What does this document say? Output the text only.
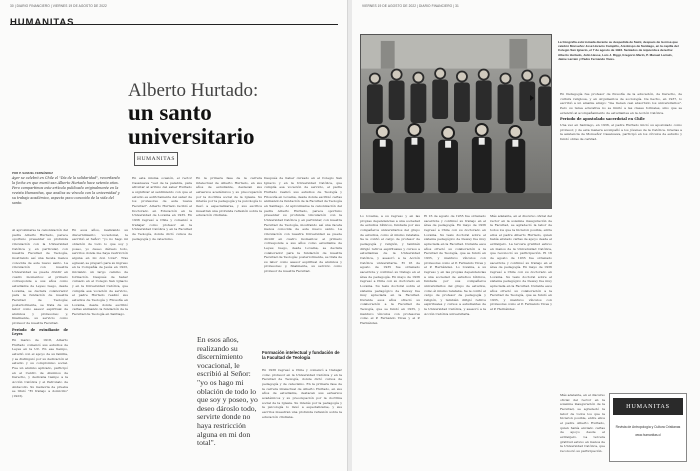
30 | DIARIO FINANCIERO | VIERNES 19 DE AGOSTO DE 2022
HUMANITAS
Alberto Hurtado:
un santo universitario
HUMANITAS
POR P. SAMUEL FERNÁNDEZ
Ayer se celebró en Chile el "Día de la solidaridad", recordando la fecha en que murió san Alberto Hurtado hace setenta años. Pero compartimos este artículo publicado originalmente en la revista Humanitas, que analiza su vínculo con la universidad y su trabajo académico, aspecto poco conocido de la vida del santo.
Al aproximarse la canonización del padre Alberto Hurtado, parece oportuno presentar su profunda vinculación con la Universidad Católica y, en particular, con nuestra Facultad de Teología, mostrando así una faceta menos conocida de este nuevo santo. La vinculación con nuestra Universidad se puede dividir en cuatro momentos: el primero corresponde a sus años como estudiante de Leyes; luego, desde Lovaina, se declara colaborador para la fundación de nuestra Facultad de Teología; posteriormente, se trata de su labor como asesor espiritual de alumnos y profesores; y, finalmente, su servicio como profesor de nuestra Facultad.
Período de estudiante de Leyes
En marzo de 1918, Alberto Hurtado comenzó sus estudios de Leyes en la UC. En ese tiempo, estudió con el apoyo de su familia, y se distinguió por su dedicación al estudio y su compromiso social. Fue un alumno aplicado, participó en el Centro de Alumnos de Derecho, y dedicaba tiempo a la Acción Católica y el Patronato de Andacollo. Su memoria de prueba se tituló "El trabajo a domicilio" (1923).
En esos años, realizando su discernimiento vocacional, le escribió al Señor: "yo no hago mi oblación de todo lo que soy y poseo, yo deseo dárselo todo, serviros donde me haya restricción alguna en mi don total". Tras egresar, se preparó para su ingreso en la Compañía de Jesús en 1923, iniciando un largo camino de formación. Después de haber cursado en el Colegio San Ignacio y en la Universidad Católica, que cumplía esa vocación de servicio, el padre Hurtado realizó sus estudios de Teología y Filosofía en Lovaina, desde donde escribió cartas animando la fundación de la Facultad de Teología en Santiago.
En esta misma ocasión, el rector Casanueva "ved de la palabra, para afrontar al arrimo del saber Hurtado a significar al sentimiento con que el estudio es estrictamente del saber de los profesores de esta nueva Facultad". Alberto Hurtado recibió el Doctorado en Educación en la Universidad de Lovaina en 1935. En 1936 regresó a Chile y comenzó a trabajar como profesor en la Universidad Católica y en la Facultad de Teología, donde dictó cursos de pedagogía y de catecismo.
En la primera fase de la carrera intelectual de Alberto Hurtado, en sus años de estudiante, destacan sus esfuerzos académicos y su preocupación por la doctrina social de la Iglesia. Su interés por la pedagogía y la psicología lo llevó a especializarse, y sus escritos muestran una profunda reflexión sobre la educación cristiana.
En esos años, realizando su discernimiento vocacional, le escribió al Señor: "yo os hago mi oblación de todo lo que soy y poseo, yo deseo dároslo todo, servirte donde no haya restricción alguna en mi don total".
Después de haber cursado en el Colegio San Ignacio y en la Universidad Católica, que cumplía esa vocación de servicio, el padre Hurtado realizó sus estudios de Teología y Filosofía en Lovaina, desde donde escribió cartas animando la fundación de la Facultad de Teología en Santiago. Al aproximarse la canonización del padre Alberto Hurtado, parece oportuno presentar su profunda vinculación con la Universidad Católica y, en particular, con nuestra Facultad de Teología, mostrando así una faceta menos conocida de este nuevo santo. La vinculación con nuestra Universidad se puede dividir en cuatro momentos: el primero corresponde a sus años como estudiante de Leyes; luego, desde Lovaina, se declara colaborador para la fundación de nuestra Facultad de Teología; posteriormente, se trata de su labor como asesor espiritual de alumnos y profesores; y, finalmente, su servicio como profesor de nuestra Facultad.
Formación intelectual y fundación de la Facultad de Teología
En 1936 regresó a Chile y comenzó a trabajar como profesor en la Universidad Católica y en la Facultad de Teología, donde dictó cursos de pedagogía y de catecismo. En la primera fase de la carrera intelectual de Alberto Hurtado, en sus años de estudiante, destacan sus esfuerzos académicos y su preocupación por la doctrina social de la Iglesia. Su interés por la pedagogía y la psicología lo llevó a especializarse, y sus escritos muestran una profunda reflexión sobre la educación cristiana.
VIERNES 19 DE AGOSTO DE 2022 | DIARIO FINANCIERO | 31
La fotografía está tomada durante su despedida de Saint, después de la misa que celebró Monseñor José Horacio Campillo, Arzobispo de Santiago, en la capilla del Colegio San Ignacio, el 7 de agosto de 1923. Sentados de izquierda a derecha: Alberto Hurtado, Julio Hesse, Luis J. Riggi, Gregorio Marín, P. Manuel Larraín, Jaime Larraín y Padre Fernando Vives.
En Pedagogía fue profesor de filosofía de la educación, de Derecho, de cultura religiosa, y en Argumentos de sociología. De hecho, en 1937, lo escribió a un amable amigo: "me tienen casi absorbido los universitarios". Pero su tarea educativa no se limitó a las clases formales, sino que se extendió al acompañamiento de estudiantes en la Acción Católica.
Período de apostolado sacerdotal en Chile
Una vez en Santiago, en 1936, el padre Hurtado inició su apostolado como profesor, y de esta manera acompañó a los jóvenes de la Católica. Gracias a la asistencia de Monseñor Casanueva, participó en los círculos de estudio y fundó obras de caridad.
Lo Iovaina, a su regreso y en las propias dependencias a una sociedad de estudios bíblicos, fundada por sus compañeros universitarios del grupo de estudios, como él mismo relataba. Se le confió el cargo de profesor de pedagogía y religión, y también dirigió retiros espirituales y cursos a estudiantes de la Universidad Católica, y asesoró a la Acción Católica universitaria. El 16 de agosto de 1935 fue ordenado sacerdote y continuó su trabajo en el área de pedagogía. En mayo de 1936 regresó a Chile con su doctorado en Lovaina. Su tesis doctoral sobre el sistema pedagógico de Dewey fue muy apreciada en la Facultad. Durante esos años ofreció su colaboración a la Facultad de Teología, que se fundó en 1935, y mantuvo vínculos con profesores como el P. Fernando Vives y el P. Hernández.
El 16 de agosto de 1935 fue ordenado sacerdote y continuó su trabajo en el área de pedagogía. En mayo de 1936 regresó a Chile con su doctorado en Lovaina. Su tesis doctoral sobre el sistema pedagógico de Dewey fue muy apreciada en la Facultad. Durante esos años ofreció su colaboración a la Facultad de Teología, que se fundó en 1935, y mantuvo vínculos con profesores como el P. Fernando Vives y el P. Hernández. Lo Iovaina, a su regreso y en las propias dependencias a una sociedad de estudios bíblicos, fundada por sus compañeros universitarios del grupo de estudios, como él mismo relataba. Se le confió el cargo de profesor de pedagogía y religión, y también dirigió retiros espirituales y cursos a estudiantes de la Universidad Católica, y asesoró a la Acción Católica universitaria.
Más adelante, en el discurso oficial del rector en la solemne inauguración de la Facultad, se agradeció la labor de todos los que la hicieron posible, entre ellos el padre Alberto Hurtado, quien había enviado cartas de apoyo desde el extranjero. La tercera gratitud estuvo en manos de la Universidad Católica, que reconoció su participación. El 16 de agosto de 1935 fue ordenado sacerdote y continuó su trabajo en el área de pedagogía. En mayo de 1936 regresó a Chile con su doctorado en Lovaina. Su tesis doctoral sobre el sistema pedagógico de Dewey fue muy apreciada en la Facultad. Durante esos años ofreció su colaboración a la Facultad de Teología, que se fundó en 1935, y mantuvo vínculos con profesores como el P. Fernando Vives y el P. Hernández.
Más adelante, en el discurso oficial del rector en la solemne inauguración de la Facultad, se agradeció la labor de todos los que la hicieron posible, entre ellos el padre Alberto Hurtado, quien había enviado cartas de apoyo desde el extranjero. La tercera gratitud estuvo en manos de la Universidad Católica, que reconoció su participación.
HUMANITAS
Revista de Antropología y Cultura Cristianas
www.humanitas.cl
